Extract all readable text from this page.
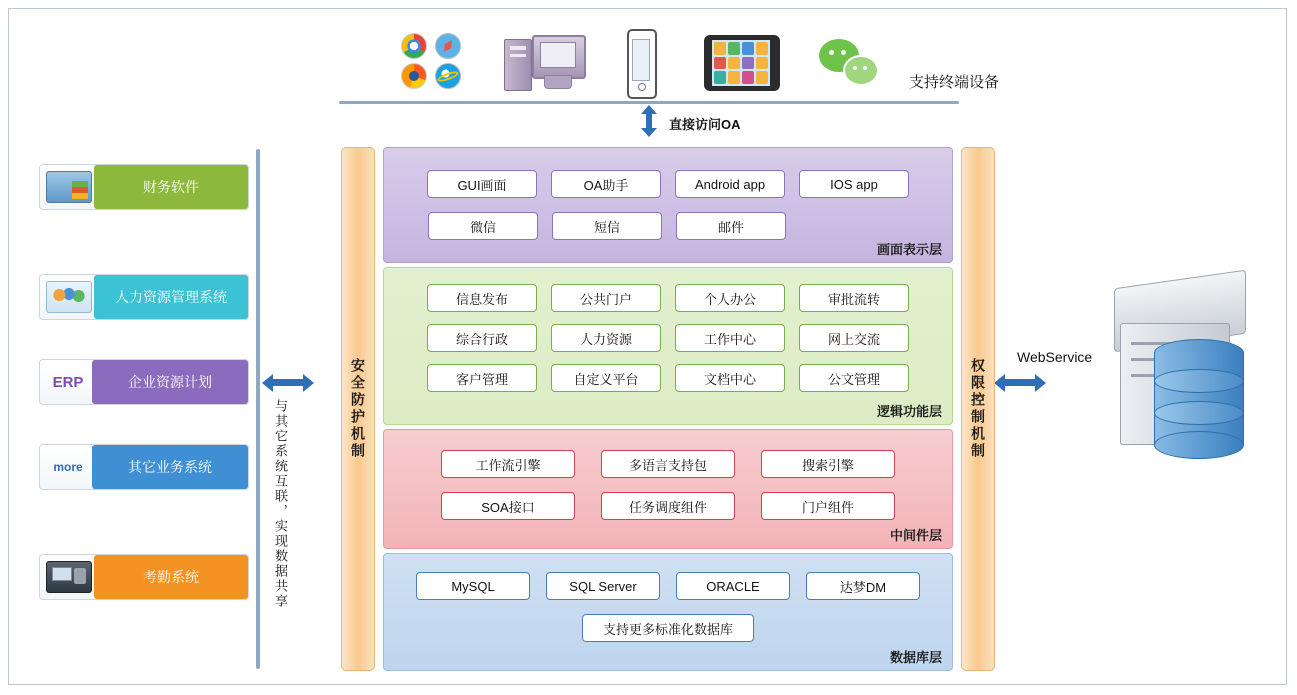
支持终端设备
直接访问OA
财务软件
人力资源管理系统
ERP	企业资源计划
more	其它业务系统
考勤系统	与其它系统互联，实现数据共享	安全防护机制	权限控制机制
GUI画面	OA助手	Android app	IOS app
微信	短信	邮件
画面表示层
信息发布	公共门户	个人办公	审批流转
综合行政	人力资源	工作中心	网上交流
客户管理	自定义平台	文档中心	公文管理
逻辑功能层
工作流引擎	多语言支持包	搜索引擎
SOA接口	任务调度组件	门户组件
中间件层
MySQL	SQL Server	ORACLE	达梦DM
支持更多标准化数据库
数据库层
WebService
